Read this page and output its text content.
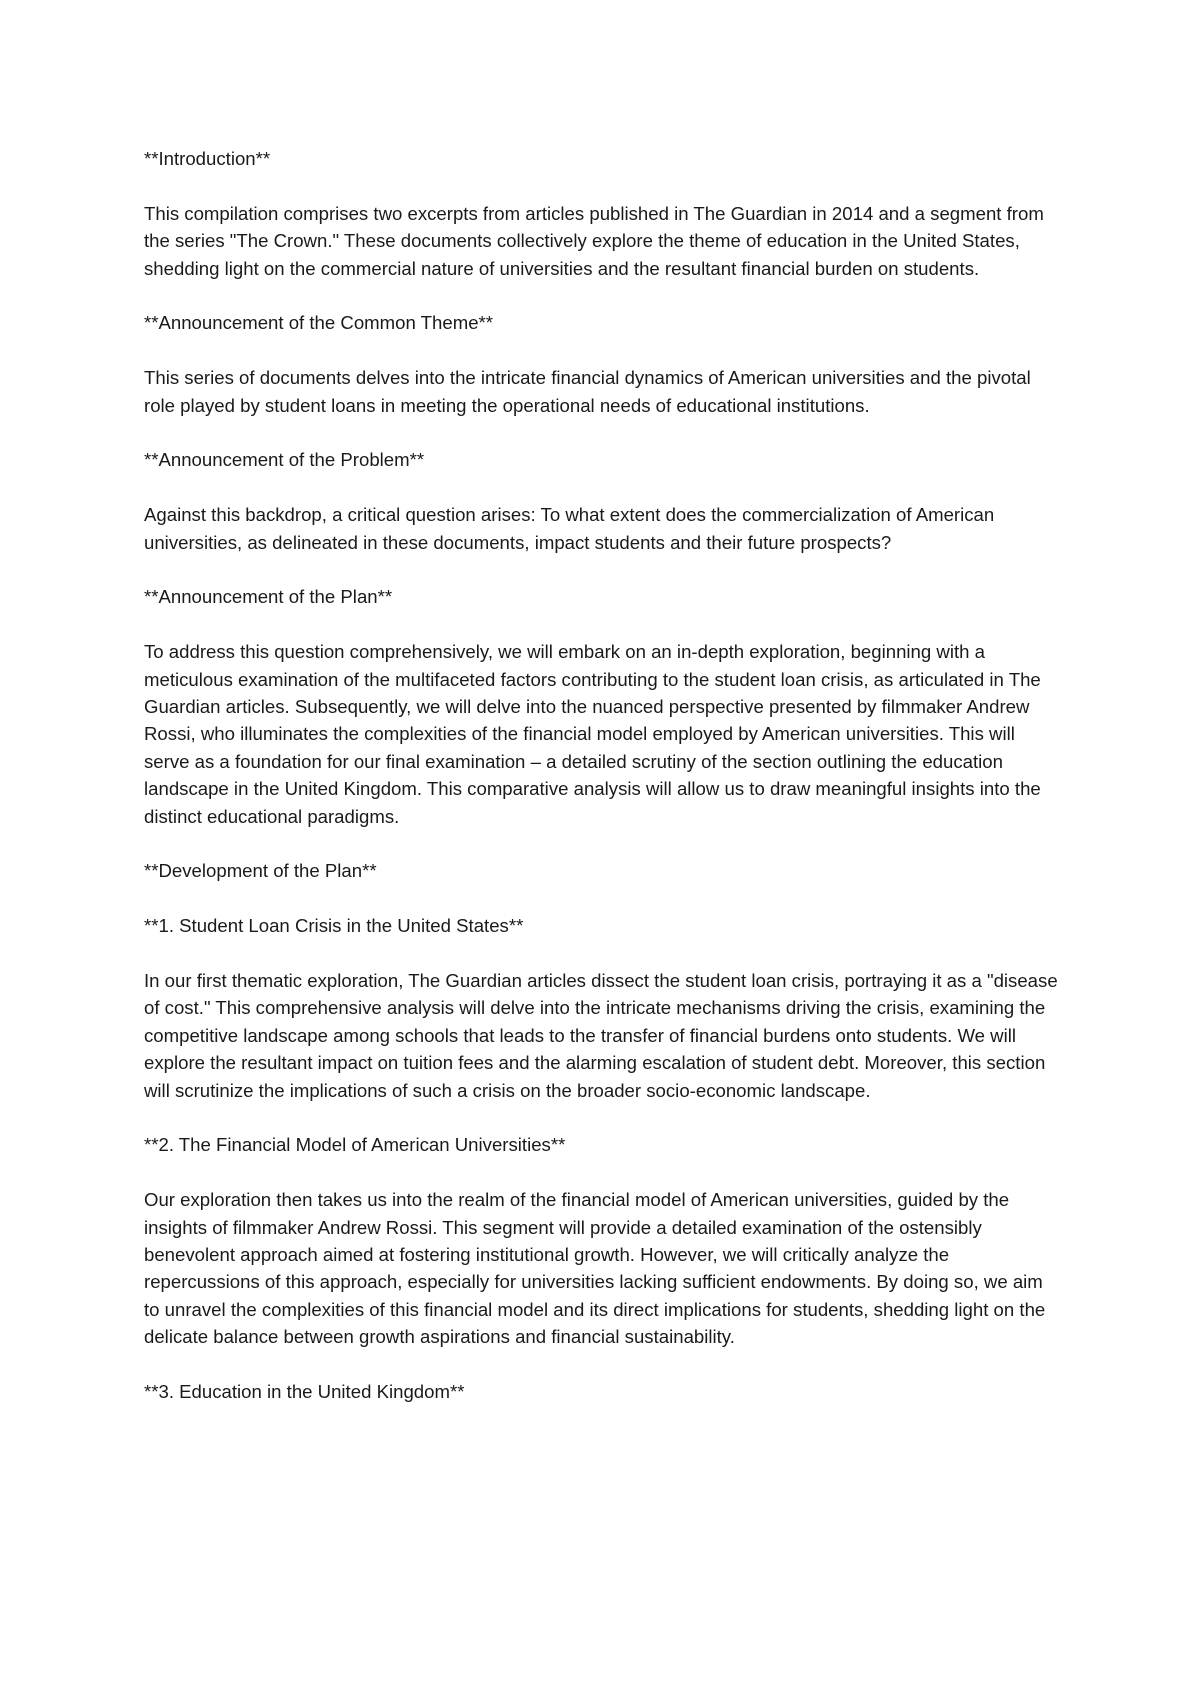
**Introduction**

This compilation comprises two excerpts from articles published in The Guardian in 2014 and a segment from the series "The Crown." These documents collectively explore the theme of education in the United States, shedding light on the commercial nature of universities and the resultant financial burden on students.

**Announcement of the Common Theme**

This series of documents delves into the intricate financial dynamics of American universities and the pivotal role played by student loans in meeting the operational needs of educational institutions.

**Announcement of the Problem**

Against this backdrop, a critical question arises: To what extent does the commercialization of American universities, as delineated in these documents, impact students and their future prospects?

**Announcement of the Plan**

To address this question comprehensively, we will embark on an in-depth exploration, beginning with a meticulous examination of the multifaceted factors contributing to the student loan crisis, as articulated in The Guardian articles. Subsequently, we will delve into the nuanced perspective presented by filmmaker Andrew Rossi, who illuminates the complexities of the financial model employed by American universities. This will serve as a foundation for our final examination – a detailed scrutiny of the section outlining the education landscape in the United Kingdom. This comparative analysis will allow us to draw meaningful insights into the distinct educational paradigms.

**Development of the Plan**

**1. Student Loan Crisis in the United States**

In our first thematic exploration, The Guardian articles dissect the student loan crisis, portraying it as a "disease of cost." This comprehensive analysis will delve into the intricate mechanisms driving the crisis, examining the competitive landscape among schools that leads to the transfer of financial burdens onto students. We will explore the resultant impact on tuition fees and the alarming escalation of student debt. Moreover, this section will scrutinize the implications of such a crisis on the broader socio-economic landscape.

**2. The Financial Model of American Universities**

Our exploration then takes us into the realm of the financial model of American universities, guided by the insights of filmmaker Andrew Rossi. This segment will provide a detailed examination of the ostensibly benevolent approach aimed at fostering institutional growth. However, we will critically analyze the repercussions of this approach, especially for universities lacking sufficient endowments. By doing so, we aim to unravel the complexities of this financial model and its direct implications for students, shedding light on the delicate balance between growth aspirations and financial sustainability.

**3. Education in the United Kingdom**
